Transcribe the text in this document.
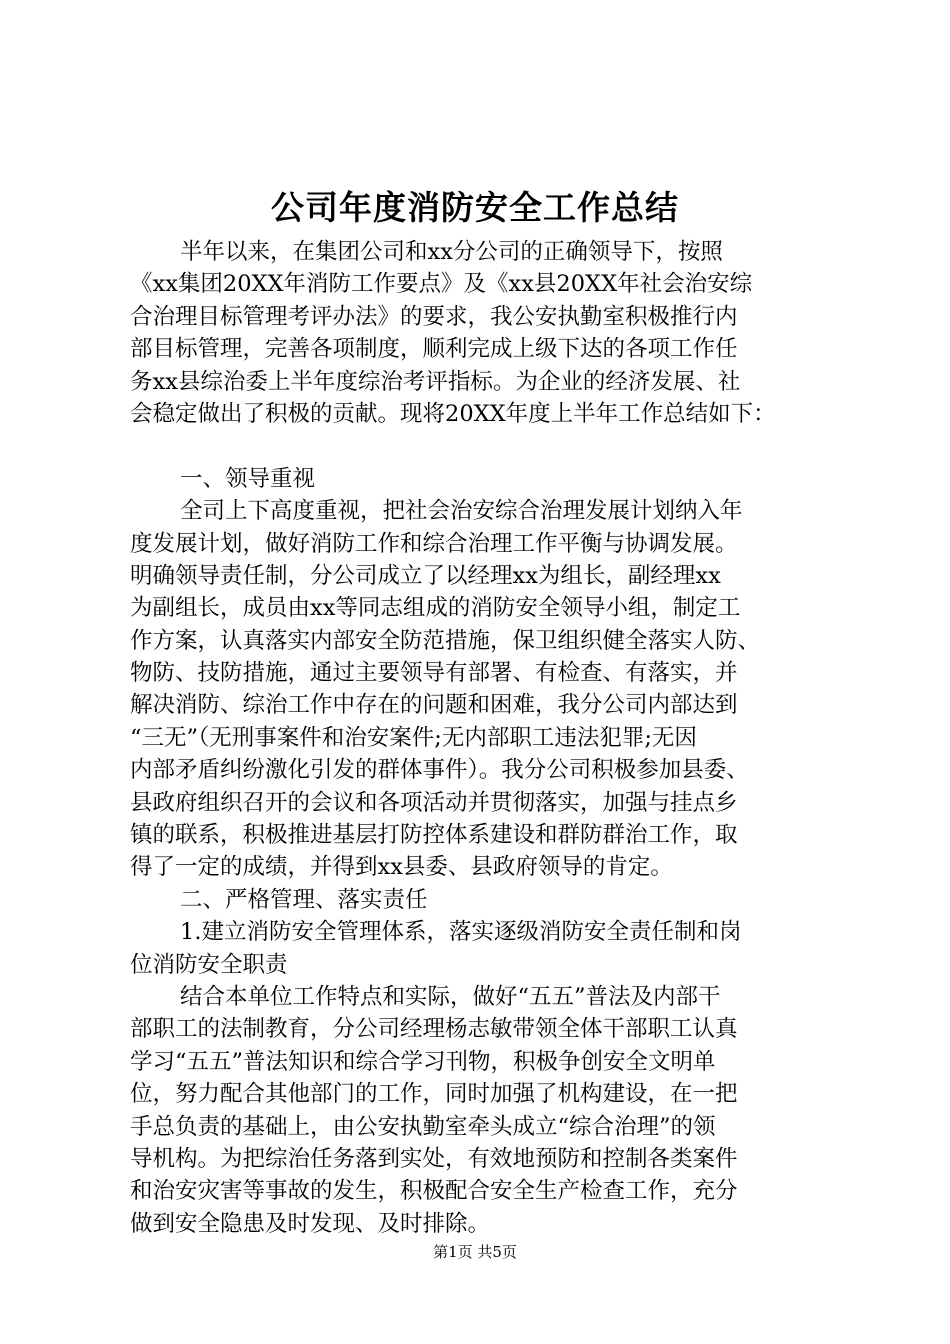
公司年度消防安全工作总结
半年以来，在集团公司和xx分公司的正确领导下，按照
《xx集团20XX年消防工作要点》及《xx县20XX年社会治安综
合治理目标管理考评办法》的要求，我公安执勤室积极推行内
部目标管理，完善各项制度，顺利完成上级下达的各项工作任
务xx县综治委上半年度综治考评指标。为企业的经济发展、社
会稳定做出了积极的贡献。现将20XX年度上半年工作总结如下：
一、领导重视
全司上下高度重视，把社会治安综合治理发展计划纳入年
度发展计划，做好消防工作和综合治理工作平衡与协调发展。
明确领导责任制，分公司成立了以经理xx为组长，副经理xx
为副组长，成员由xx等同志组成的消防安全领导小组，制定工
作方案，认真落实内部安全防范措施，保卫组织健全落实人防、
物防、技防措施，通过主要领导有部署、有检查、有落实，并
解决消防、综治工作中存在的问题和困难，我分公司内部达到
“三无”（无刑事案件和治安案件;无内部职工违法犯罪;无因
内部矛盾纠纷激化引发的群体事件）。我分公司积极参加县委、
县政府组织召开的会议和各项活动并贯彻落实，加强与挂点乡
镇的联系，积极推进基层打防控体系建设和群防群治工作，取
得了一定的成绩，并得到xx县委、县政府领导的肯定。
二、严格管理、落实责任
1.建立消防安全管理体系，落实逐级消防安全责任制和岗
位消防安全职责
结合本单位工作特点和实际，做好“五五”普法及内部干
部职工的法制教育，分公司经理杨志敏带领全体干部职工认真
学习“五五”普法知识和综合学习刊物，积极争创安全文明单
位，努力配合其他部门的工作，同时加强了机构建设，在一把
手总负责的基础上，由公安执勤室牵头成立“综合治理”的领
导机构。为把综治任务落到实处，有效地预防和控制各类案件
和治安灾害等事故的发生，积极配合安全生产检查工作，充分
做到安全隐患及时发现、及时排除。
第1页 共5页
